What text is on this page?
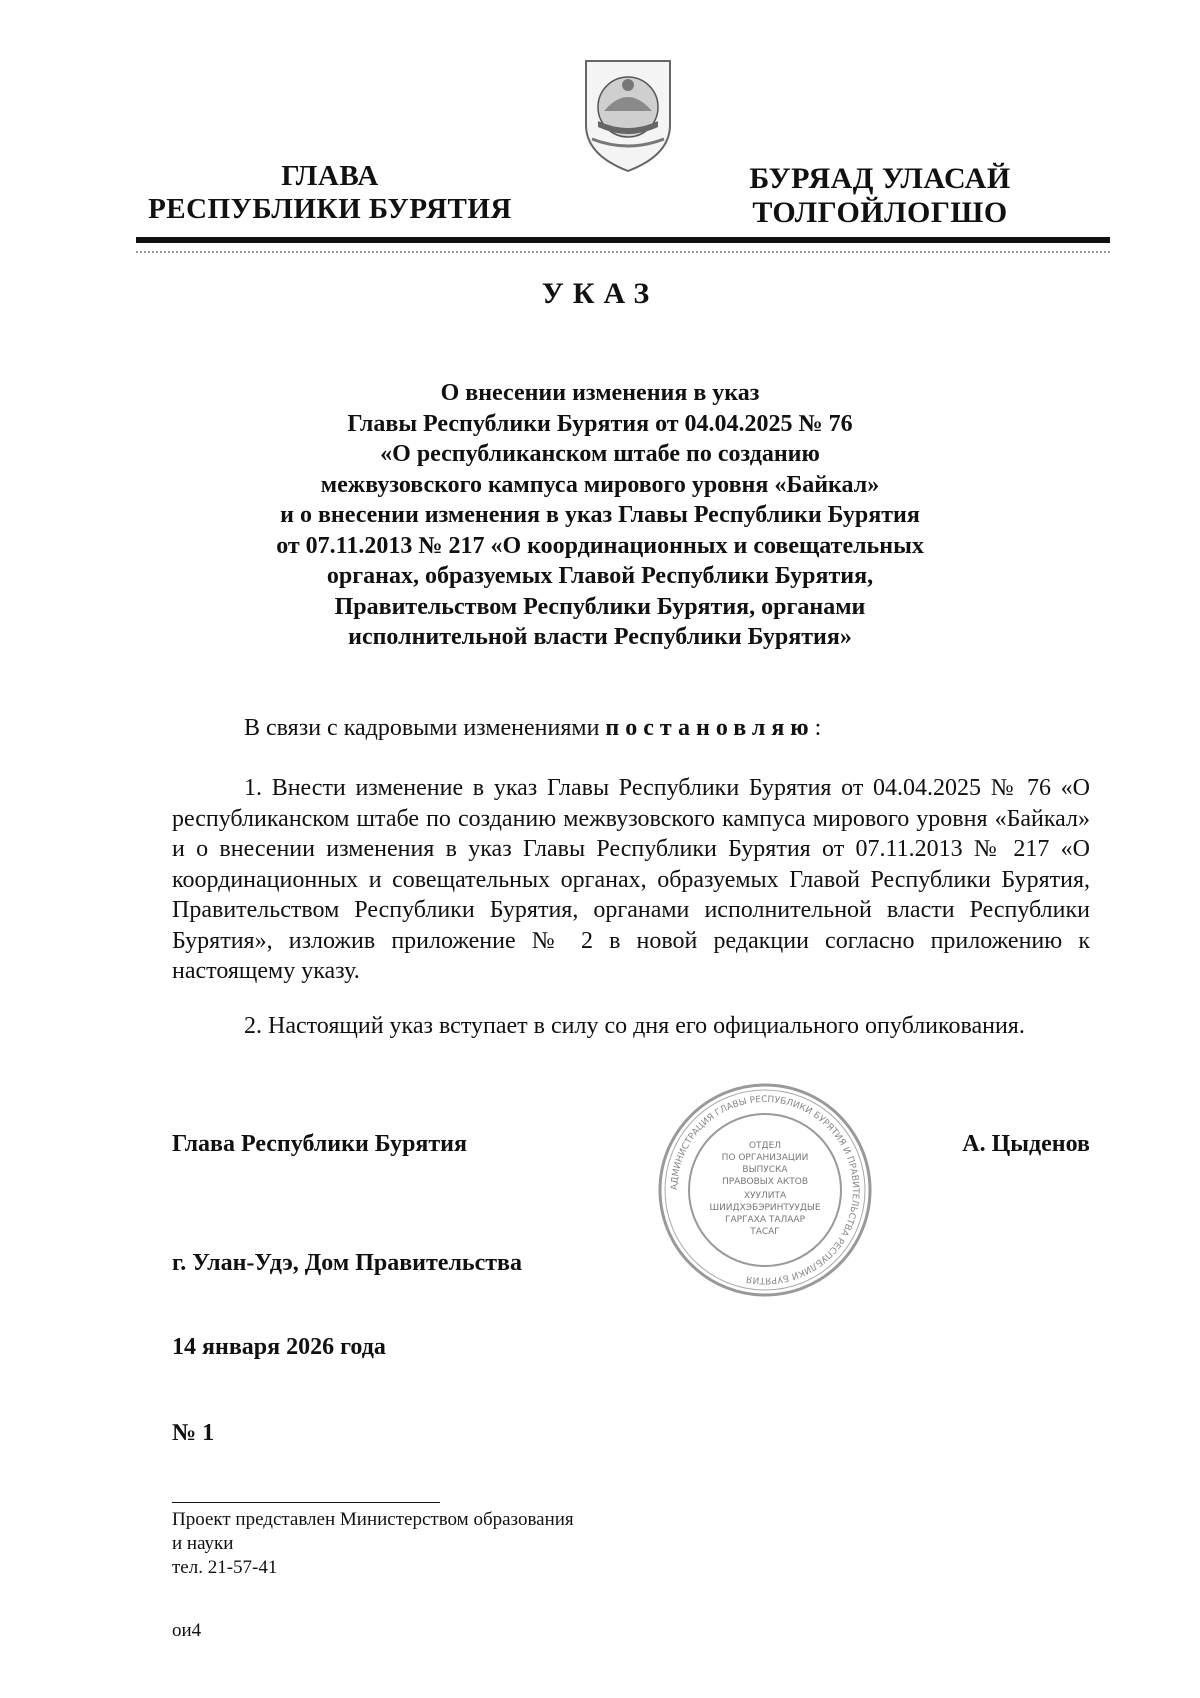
ГЛАВА
РЕСПУБЛИКИ БУРЯТИЯ
БУРЯАД УЛАСАЙ
ТОЛГОЙЛОГШО
УКАЗ
О внесении изменения в указ
Главы Республики Бурятия от 04.04.2025 № 76
«О республиканском штабе по созданию
межвузовского кампуса мирового уровня «Байкал»
и о внесении изменения в указ Главы Республики Бурятия
от 07.11.2013 № 217 «О координационных и совещательных
органах, образуемых Главой Республики Бурятия,
Правительством Республики Бурятия, органами
исполнительной власти Республики Бурятия»
В связи с кадровыми изменениями постановляю:
1. Внести изменение в указ Главы Республики Бурятия от 04.04.2025 № 76 «О республиканском штабе по созданию межвузовского кампуса мирового уровня «Байкал» и о внесении изменения в указ Главы Республики Бурятия от 07.11.2013 № 217 «О координационных и совещательных органах, образуемых Главой Республики Бурятия, Правительством Республики Бурятия, органами исполнительной власти Республики Бурятия», изложив приложение № 2 в новой редакции согласно приложению к настоящему указу.
2. Настоящий указ вступает в силу со дня его официального опубликования.
Глава Республики Бурятия	А. Цыденов
АДМИНИСТРАЦИЯ ГЛАВЫ РЕСПУБЛИКИ БУРЯТИЯ И ПРАВИТЕЛЬСТВА РЕСПУБЛИКИ БУРЯТИЯ
ОТДЕЛ
ПО ОРГАНИЗАЦИИ
ВЫПУСКА
ПРАВОВЫХ АКТОВ
ХУУЛИТА
ШИИДХЭБЭРИНТУУДЫЕ
ГАРГАХА ТАЛААР
ТАСАГ
г. Улан-Удэ, Дом Правительства
14 января 2026 года
№ 1
Проект представлен Министерством образования
и науки
тел. 21-57-41
ои4
